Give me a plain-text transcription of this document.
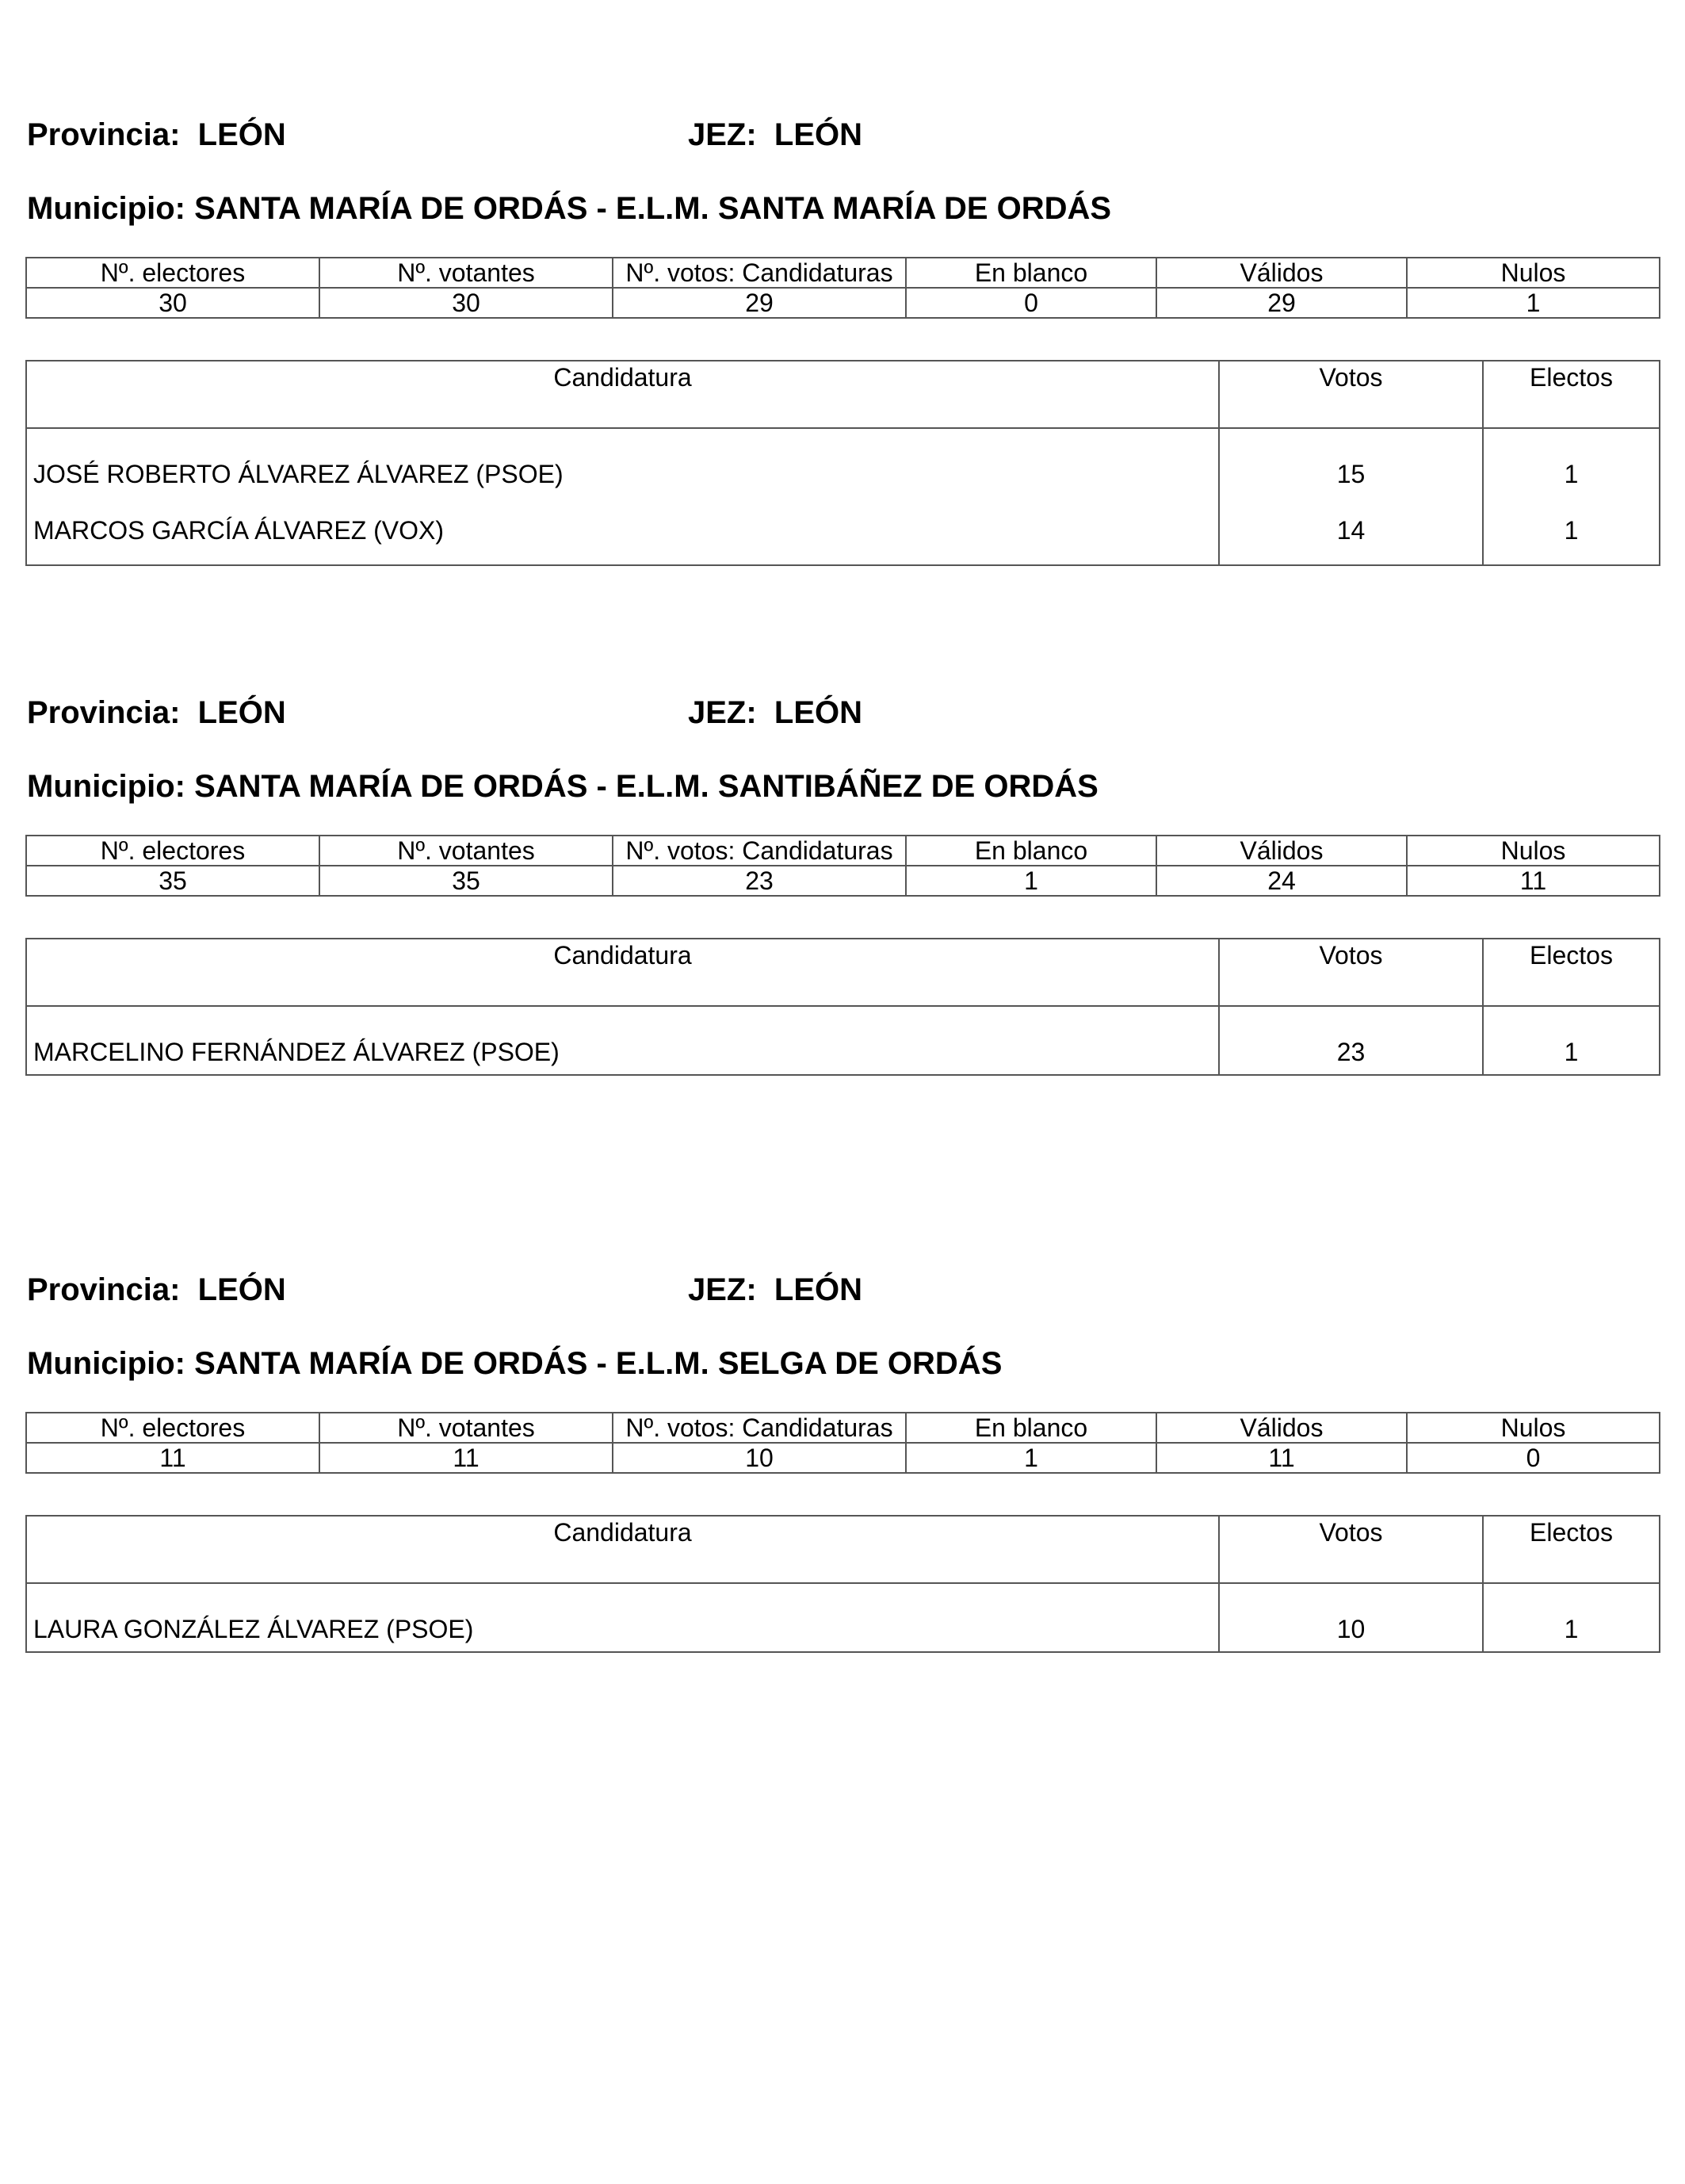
Provincia: LEÓN	JEZ: LEÓN
Municipio: SANTA MARÍA DE ORDÁS - E.L.M. SANTA MARÍA DE ORDÁS
Nº. electores	Nº. votantes	Nº. votos: Candidaturas	En blanco	Válidos	Nulos
30	30	29	0	29	1
Candidatura	Votos	Electos
JOSÉ ROBERTO ÁLVAREZ ÁLVAREZ (PSOE)	15	1
MARCOS GARCÍA ÁLVAREZ (VOX)	14	1
Provincia: LEÓN	JEZ: LEÓN
Municipio: SANTA MARÍA DE ORDÁS - E.L.M. SANTIBÁÑEZ DE ORDÁS
Nº. electores	Nº. votantes	Nº. votos: Candidaturas	En blanco	Válidos	Nulos
35	35	23	1	24	11
Candidatura	Votos	Electos
MARCELINO FERNÁNDEZ ÁLVAREZ (PSOE)	23	1
Provincia: LEÓN	JEZ: LEÓN
Municipio: SANTA MARÍA DE ORDÁS - E.L.M. SELGA DE ORDÁS
Nº. electores	Nº. votantes	Nº. votos: Candidaturas	En blanco	Válidos	Nulos
11	11	10	1	11	0
Candidatura	Votos	Electos
LAURA GONZÁLEZ ÁLVAREZ (PSOE)	10	1
